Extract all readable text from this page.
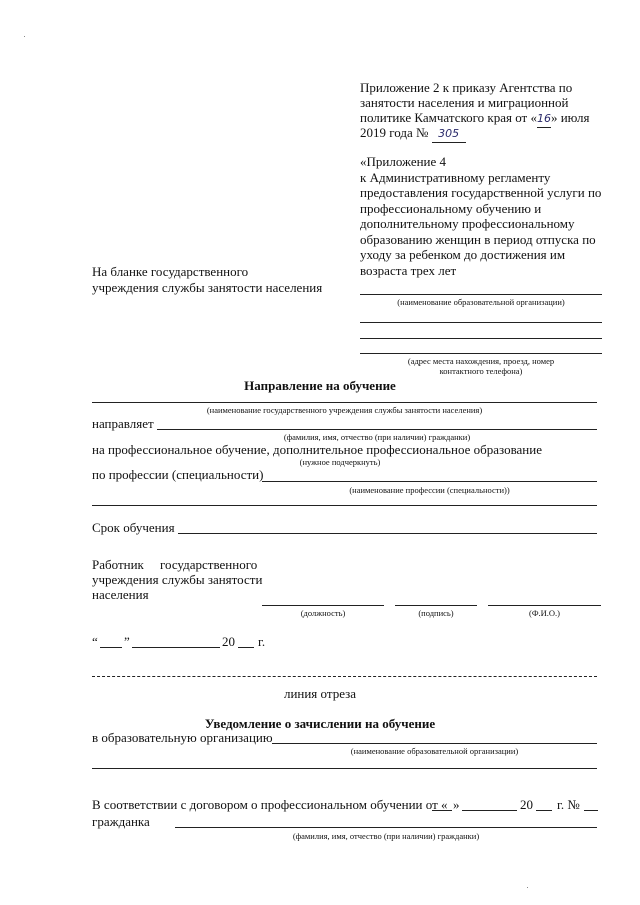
Приложение 2 к приказу Агентства по
занятости населения и миграционной
политике Камчатского края от «16» июля
2019 года № 305
«Приложение 4
к Административному регламенту
предоставления государственной услуги по
профессиональному обучению и
дополнительному профессиональному
образованию женщин в период отпуска по
уходу за ребенком до достижения им
возраста трех лет
На бланке государственного
учреждения службы занятости населения
(наименование образовательной организации)
(адрес места нахождения, проезд, номер
контактного телефона)
Направление на обучение
(наименование государственного учреждения службы занятости населения)
направляет
(фамилия, имя, отчество (при наличии) гражданки)
на профессиональное обучение, дополнительное профессиональное образование
(нужное подчеркнуть)
по профессии (специальности)
(наименование профессии (специальности))
Срок обучения
Работник государственного
учреждения службы занятости
населения
(должность)	(подпись)	(Ф.И.О.)
“ ”	20 г.
линия отреза
Уведомление о зачислении на обучение
в образовательную организацию
(наименование образовательной организации)
В соответствии с договором о профессиональном обучении от « »	20 г. №
гражданка
(фамилия, имя, отчество (при наличии) гражданки)
